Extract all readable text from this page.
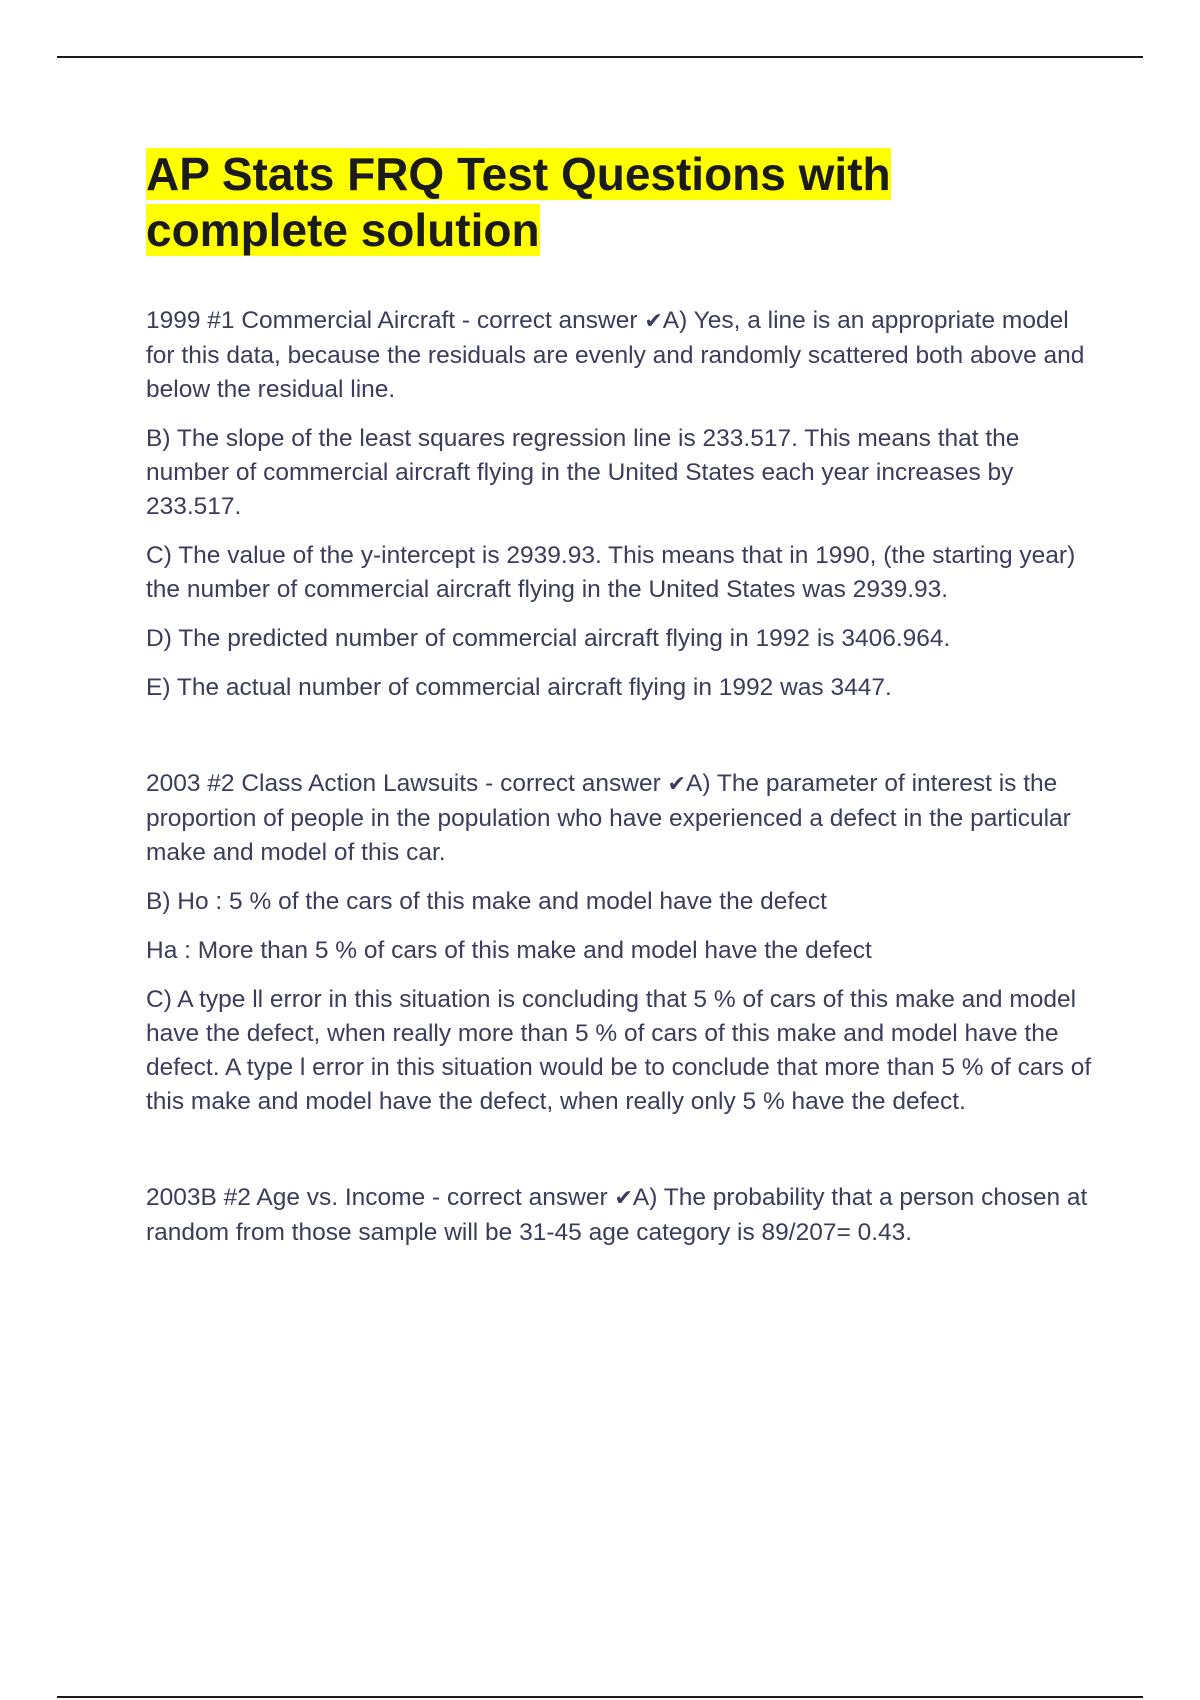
AP Stats FRQ Test Questions with
complete solution

1999 #1 Commercial Aircraft - correct answer ✔A) Yes, a line is an appropriate model for this data, because the residuals are evenly and randomly scattered both above and below the residual line.

B) The slope of the least squares regression line is 233.517. This means that the number of commercial aircraft flying in the United States each year increases by 233.517.

C) The value of the y-intercept is 2939.93. This means that in 1990, (the starting year) the number of commercial aircraft flying in the United States was 2939.93.

D) The predicted number of commercial aircraft flying in 1992 is 3406.964.

E) The actual number of commercial aircraft flying in 1992 was 3447.

2003 #2 Class Action Lawsuits - correct answer ✔A) The parameter of interest is the proportion of people in the population who have experienced a defect in the particular make and model of this car.

B) Ho : 5 % of the cars of this make and model have the defect

Ha : More than 5 % of cars of this make and model have the defect

C) A type ll error in this situation is concluding that 5 % of cars of this make and model have the defect, when really more than 5 % of cars of this make and model have the defect. A type l error in this situation would be to conclude that more than 5 % of cars of this make and model have the defect, when really only 5 % have the defect.

2003B #2 Age vs. Income - correct answer ✔A) The probability that a person chosen at random from those sample will be 31-45 age category is 89/207= 0.43.
